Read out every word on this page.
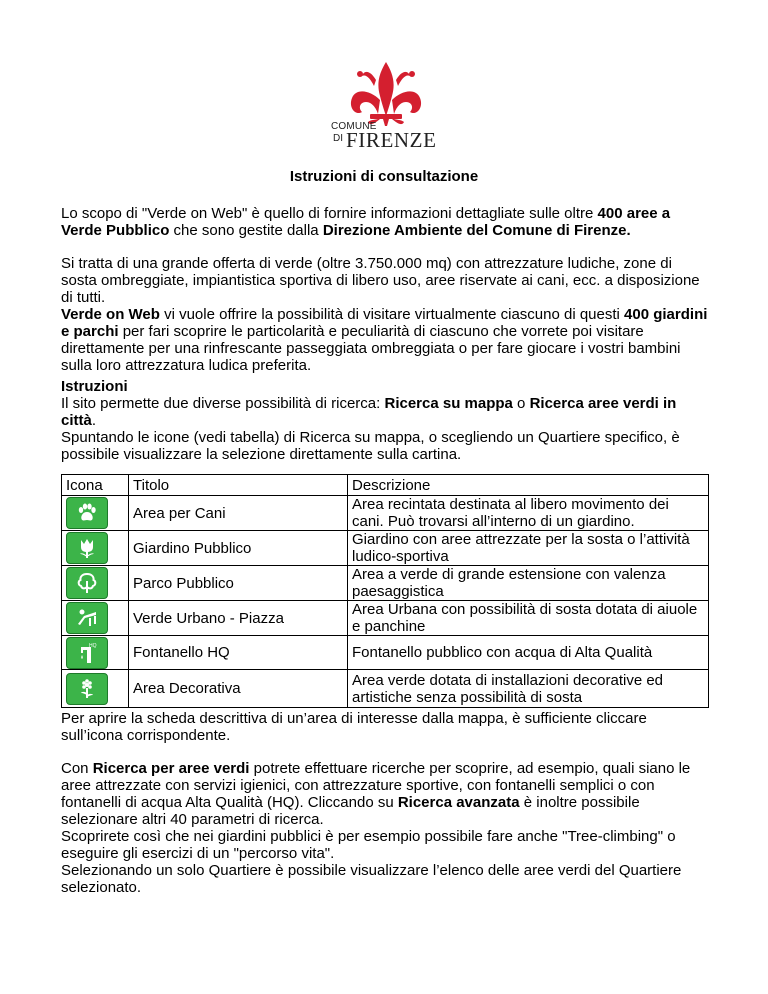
COMUNE
DI FIRENZE
Istruzioni di consultazione
Lo scopo di "Verde on Web" è quello di fornire informazioni dettagliate sulle oltre 400 aree a Verde Pubblico che sono gestite dalla Direzione Ambiente del Comune di Firenze.
Si tratta di una grande offerta di verde (oltre 3.750.000 mq) con attrezzature ludiche, zone di sosta ombreggiate, impiantistica sportiva di libero uso, aree riservate ai cani, ecc. a disposizione di tutti.
Verde on Web vi vuole offrire la possibilità di visitare virtualmente ciascuno di questi 400 giardini e parchi per fari scoprire le particolarità e peculiarità di ciascuno che vorrete poi visitare direttamente per una rinfrescante passeggiata ombreggiata o per fare giocare i vostri bambini sulla loro attrezzatura ludica preferita.
Istruzioni
Il sito permette due diverse possibilità di ricerca: Ricerca su mappa o Ricerca aree verdi in città.
Spuntando le icone (vedi tabella) di Ricerca su mappa, o scegliendo un Quartiere specifico, è possibile visualizzare la selezione direttamente sulla cartina.
Icona	Titolo	Descrizione

	Area per Cani	Area recintata destinata al libero movimento dei cani. Può trovarsi all’interno di un giardino.

	Giardino Pubblico	Giardino con aree attrezzate per la sosta o l’attività ludico-sportiva

	Parco Pubblico	Area a verde di grande estensione con valenza paesaggistica

	Verde Urbano - Piazza	Area Urbana con possibilità di sosta dotata di aiuole e panchine

HQ	Fontanello HQ	Fontanello pubblico con acqua di Alta Qualità

	Area Decorativa	Area verde dotata di installazioni decorative ed artistiche senza possibilità di sosta
Per aprire la scheda descrittiva di un’area di interesse dalla mappa, è sufficiente cliccare sull’icona corrispondente.
Con Ricerca per aree verdi potrete effettuare ricerche per scoprire, ad esempio, quali siano le aree attrezzate con servizi igienici, con attrezzature sportive, con fontanelli semplici o con fontanelli di acqua Alta Qualità (HQ). Cliccando su Ricerca avanzata è inoltre possibile selezionare altri 40 parametri di ricerca.
Scoprirete così che nei giardini pubblici è per esempio possibile fare anche "Tree-climbing" o eseguire gli esercizi di un "percorso vita".
Selezionando un solo Quartiere è possibile visualizzare l’elenco delle aree verdi del Quartiere selezionato.
